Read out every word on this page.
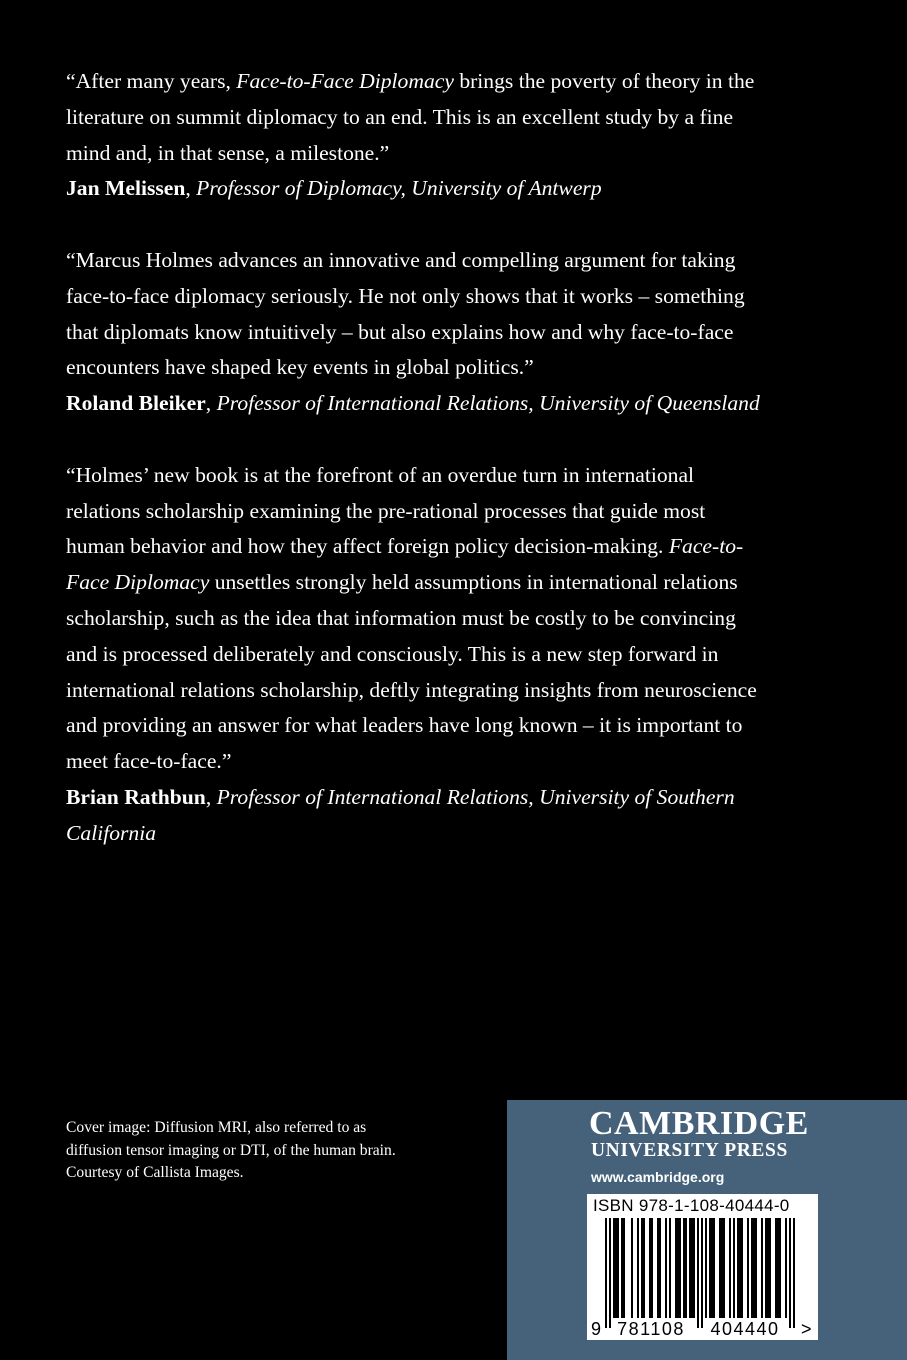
“After many years, Face-to-Face Diplomacy brings the poverty of theory in the literature on summit diplomacy to an end. This is an excellent study by a fine mind and, in that sense, a milestone.”

Jan Melissen, Professor of Diplomacy, University of Antwerp

“Marcus Holmes advances an innovative and compelling argument for taking face-to-face diplomacy seriously. He not only shows that it works – something that diplomats know intuitively – but also explains how and why face-to-face encounters have shaped key events in global politics.”

Roland Bleiker, Professor of International Relations, University of Queensland

“Holmes’ new book is at the forefront of an overdue turn in international relations scholarship examining the pre-rational processes that guide most human behavior and how they affect foreign policy decision-making. Face-to-Face Diplomacy unsettles strongly held assumptions in international relations scholarship, such as the idea that information must be costly to be convincing and is processed deliberately and consciously. This is a new step forward in international relations scholarship, deftly integrating insights from neuroscience and providing an answer for what leaders have long known – it is important to meet face-to-face.”

Brian Rathbun, Professor of International Relations, University of Southern California

Cover image: Diffusion MRI, also referred to as diffusion tensor imaging or DTI, of the human brain. Courtesy of Callista Images.
CAMBRIDGE
UNIVERSITY PRESS
www.cambridge.org
ISBN 978-1-108-40444-0
9 781108 404440 >
